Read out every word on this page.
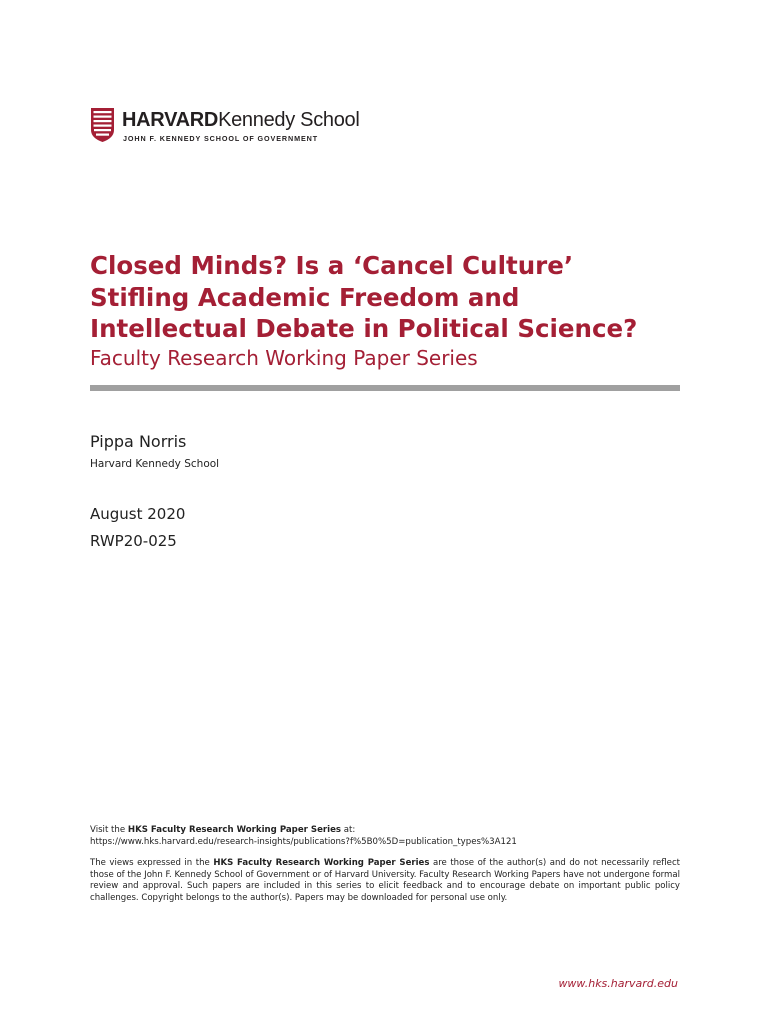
HARVARDKennedy School
JOHN F. KENNEDY SCHOOL OF GOVERNMENT
Closed Minds? Is a ‘Cancel Culture’
Stifling Academic Freedom and
Intellectual Debate in Political Science?
Faculty Research Working Paper Series
Pippa Norris
Harvard Kennedy School
August 2020
RWP20-025
Visit the HKS Faculty Research Working Paper Series at:
https://www.hks.harvard.edu/research-insights/publications?f%5B0%5D=publication_types%3A121
The views expressed in the HKS Faculty Research Working Paper Series are those of the author(s) and do not necessarily reflect those of the John F. Kennedy School of Government or of Harvard University. Faculty Research Working Papers have not undergone formal review and approval. Such papers are included in this series to elicit feedback and to encourage debate on important public policy challenges. Copyright belongs to the author(s). Papers may be downloaded for personal use only.
www.hks.harvard.edu
